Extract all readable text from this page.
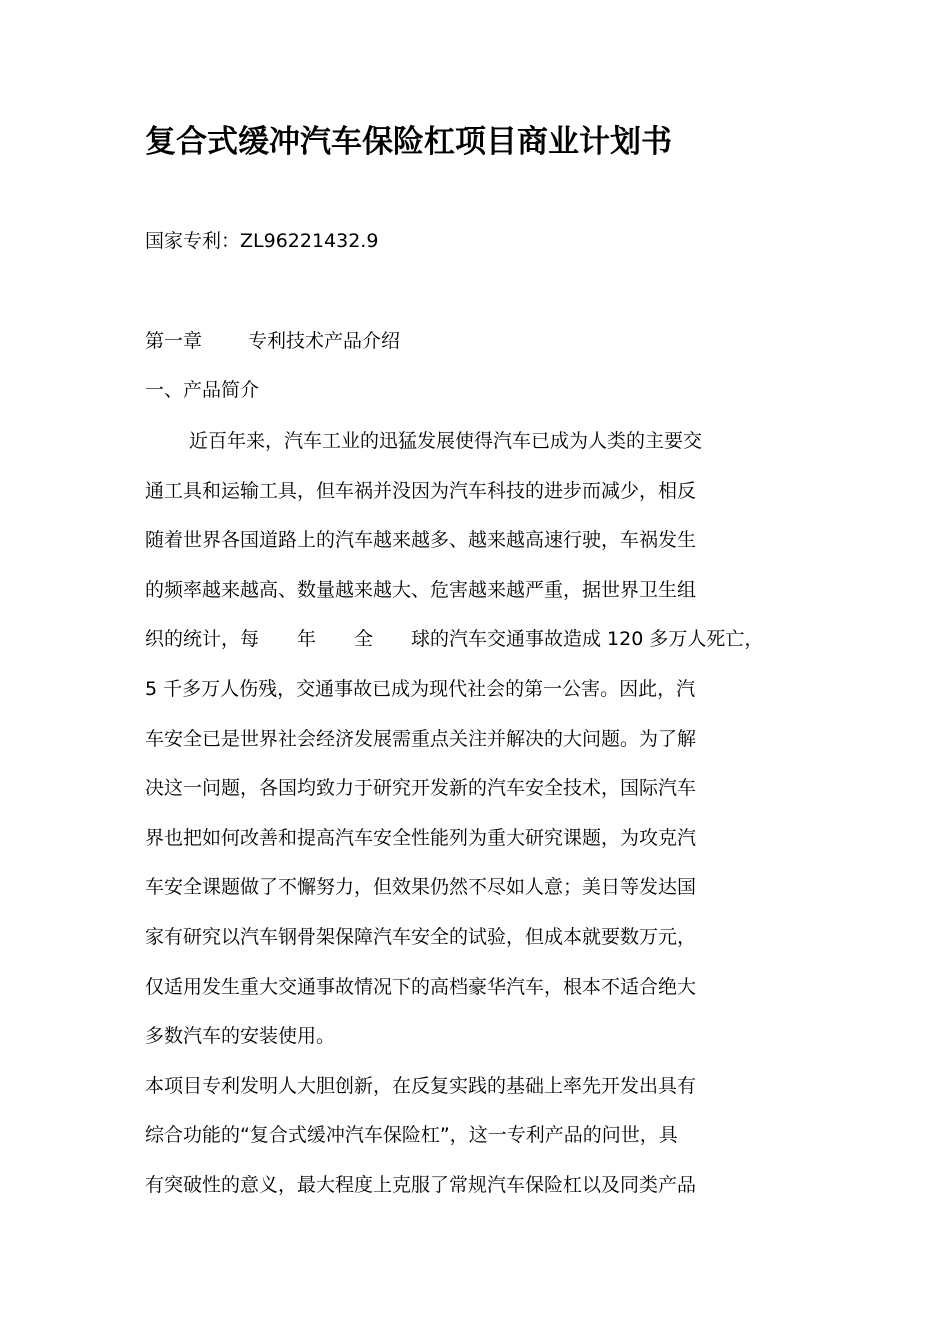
复合式缓冲汽车保险杠项目商业计划书
国家专利：ZL96221432.9
第一章 专利技术产品介绍
一、产品简介
近百年来，汽车工业的迅猛发展使得汽车已成为人类的主要交
通工具和运输工具，但车祸并没因为汽车科技的进步而减少，相反
随着世界各国道路上的汽车越来越多、越来越高速行驶，车祸发生
的频率越来越高、数量越来越大、危害越来越严重，据世界卫生组
织的统计，每　　年　　全　　球的汽车交通事故造成 120 多万人死亡，
5 千多万人伤残，交通事故已成为现代社会的第一公害。因此，汽
车安全已是世界社会经济发展需重点关注并解决的大问题。为了解
决这一问题，各国均致力于研究开发新的汽车安全技术，国际汽车
界也把如何改善和提高汽车安全性能列为重大研究课题，为攻克汽
车安全课题做了不懈努力，但效果仍然不尽如人意；美日等发达国
家有研究以汽车钢骨架保障汽车安全的试验，但成本就要数万元，
仅适用发生重大交通事故情况下的高档豪华汽车，根本不适合绝大
多数汽车的安装使用。
本项目专利发明人大胆创新，在反复实践的基础上率先开发出具有
综合功能的“复合式缓冲汽车保险杠”，这一专利产品的问世，具
有突破性的意义，最大程度上克服了常规汽车保险杠以及同类产品
